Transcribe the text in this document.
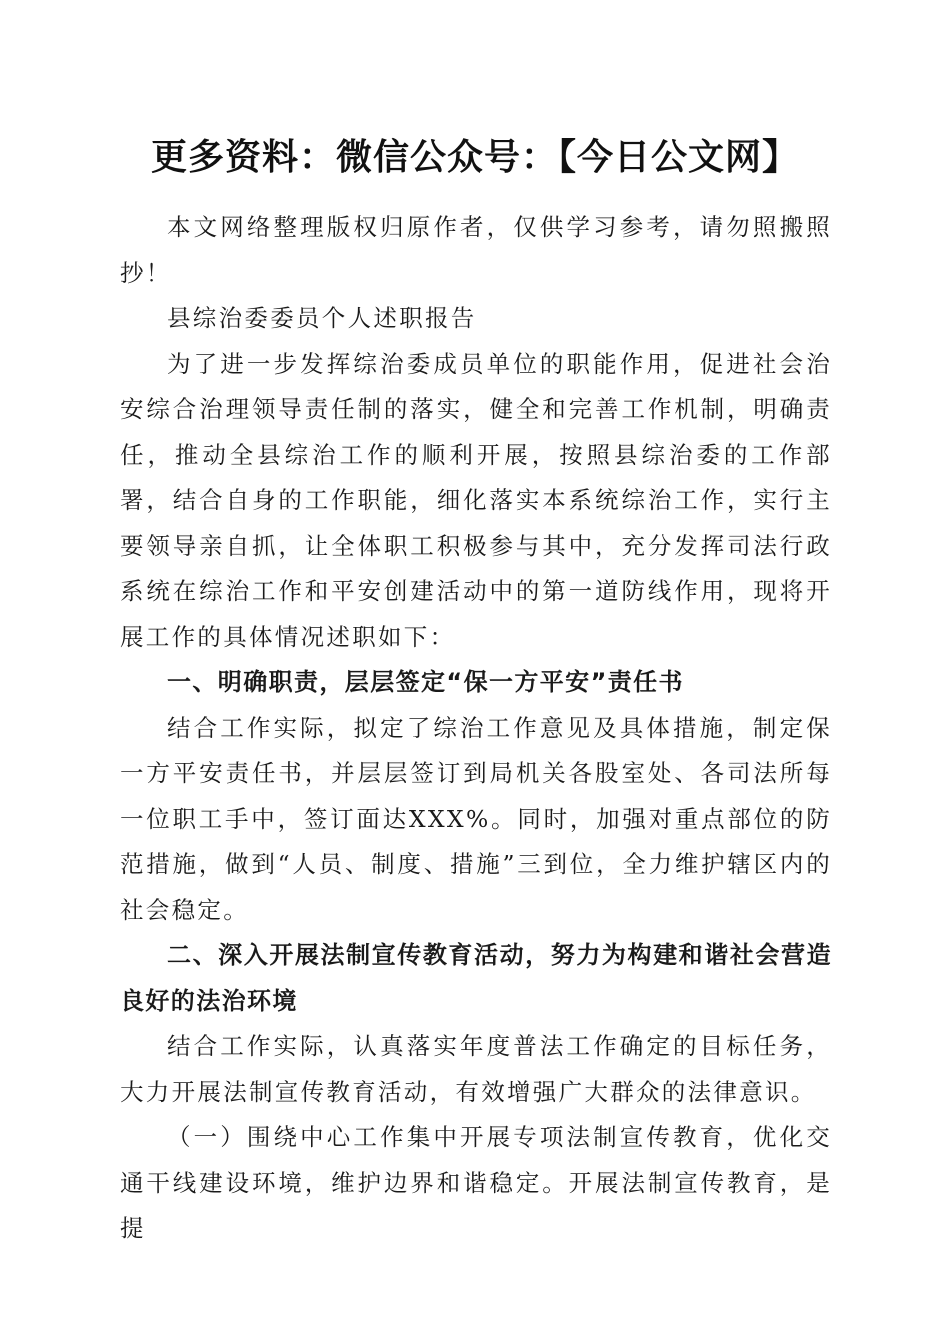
更多资料：微信公众号：【今日公文网】

本文网络整理版权归原作者，仅供学习参考，请勿照搬照抄！

县综治委委员个人述职报告

为了进一步发挥综治委成员单位的职能作用，促进社会治安综合治理领导责任制的落实，健全和完善工作机制，明确责任，推动全县综治工作的顺利开展，按照县综治委的工作部署，结合自身的工作职能，细化落实本系统综治工作，实行主要领导亲自抓，让全体职工积极参与其中，充分发挥司法行政系统在综治工作和平安创建活动中的第一道防线作用，现将开展工作的具体情况述职如下：

一、明确职责，层层签定“保一方平安”责任书

结合工作实际，拟定了综治工作意见及具体措施，制定保一方平安责任书，并层层签订到局机关各股室处、各司法所每一位职工手中，签订面达XXX%。同时，加强对重点部位的防范措施，做到“人员、制度、措施”三到位，全力维护辖区内的社会稳定。

二、深入开展法制宣传教育活动，努力为构建和谐社会营造良好的法治环境

结合工作实际，认真落实年度普法工作确定的目标任务，大力开展法制宣传教育活动，有效增强广大群众的法律意识。

（一）围绕中心工作集中开展专项法制宣传教育，优化交通干线建设环境，维护边界和谐稳定。开展法制宣传教育，是提
